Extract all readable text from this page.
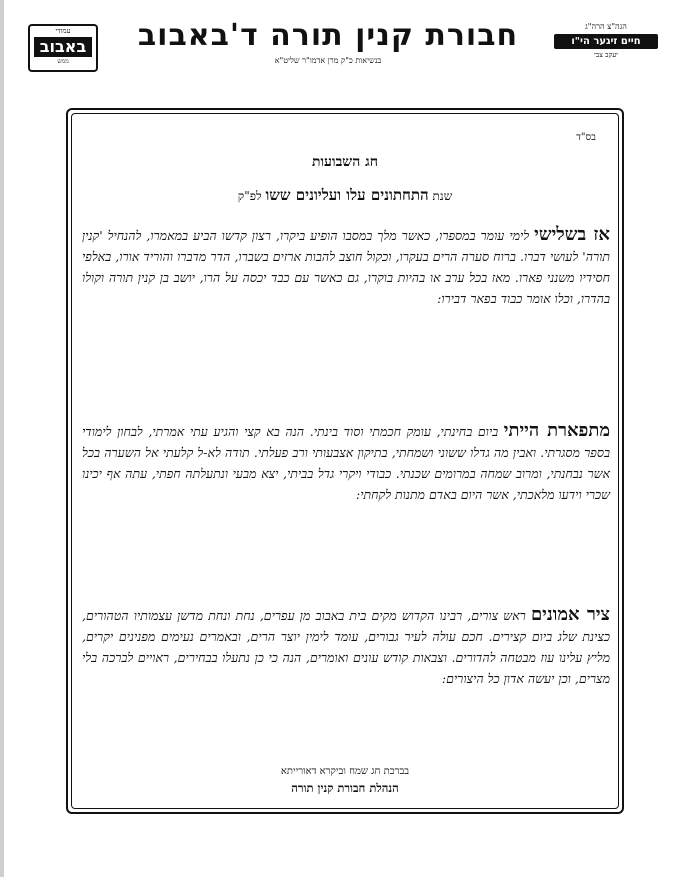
עמודי
באבוב
ממש
חבורת קנין תורה ד'באבוב
בנשיאות כ"ק מרן אדמו"ר שליט"א
הגה"צ הרה"ג
חיים זיגער הי"ו
יעקב צבי
בס"ד
חג השבועות
שנת התחתונים עלו ועליונים ששו לפ"ק
אז בשלישי לימי עומר במספרו, כאשר מלך במסבו הופיע ביקרו, רצון קדשו הביע במאמרו, להנחיל 'קנין תורה' לעושי דברו. ברוח סערה הרים בעקרו, וכקול חוצב להבות ארזים בשברו, הדר מדברו והוריד אורו, באלפי חסידיו משנני פארו. מאז בכל ערב או בהיות בוקרו, גם כאשר עם כבד יכסה על הרו, יושב בן קנין תורה וקולו בהדרו, וכלו אומר כבוד בפאר דבירו:
מתפארת הייתי ביום בחינתי, עומק חכמתי וסוד בינתי. הנה בא קצי והגיע עתי אמרתי, לבחון לימודי בספר מסגרתי. ואבין מה גדלו ששוני ושמחתי, בתיקון אצבעותי ורב פעלתי. תודה לא-ל קלעתי אל השערה בכל אשר נבחנתי, ומרוב שמחה במרומים שכנתי. כבודי ויקרי גדל בביתי, יצא מבעי ונתעלתה חפתי, עתה אף יכינו שכרי וידעו מלאכתי, אשר היום באדם מתנות לקחתי:
ציר אמונים ראש צורים, רבינו הקדוש מקים בית באבוב מן עפרים, נחת ונחת מדשן עצמותיו הטהורים, כצינת שלג ביום קצירים. חכם עולה לעיר גבורים, עומד לימין יוצר הרים, ובאמרים נעימים מפנינים יקרים, מליץ עלינו עוז מבטחה להדורים. וצבאות קודש עונים ואומרים, הנה כי כן נתעלו בבחירים, ראויים לברכה בלי מצרים, וכן יעשה אדון כל היצורים:
בברכת חג שמח וביקרא דאורייתא
הנהלת חבורת קנין תורה
